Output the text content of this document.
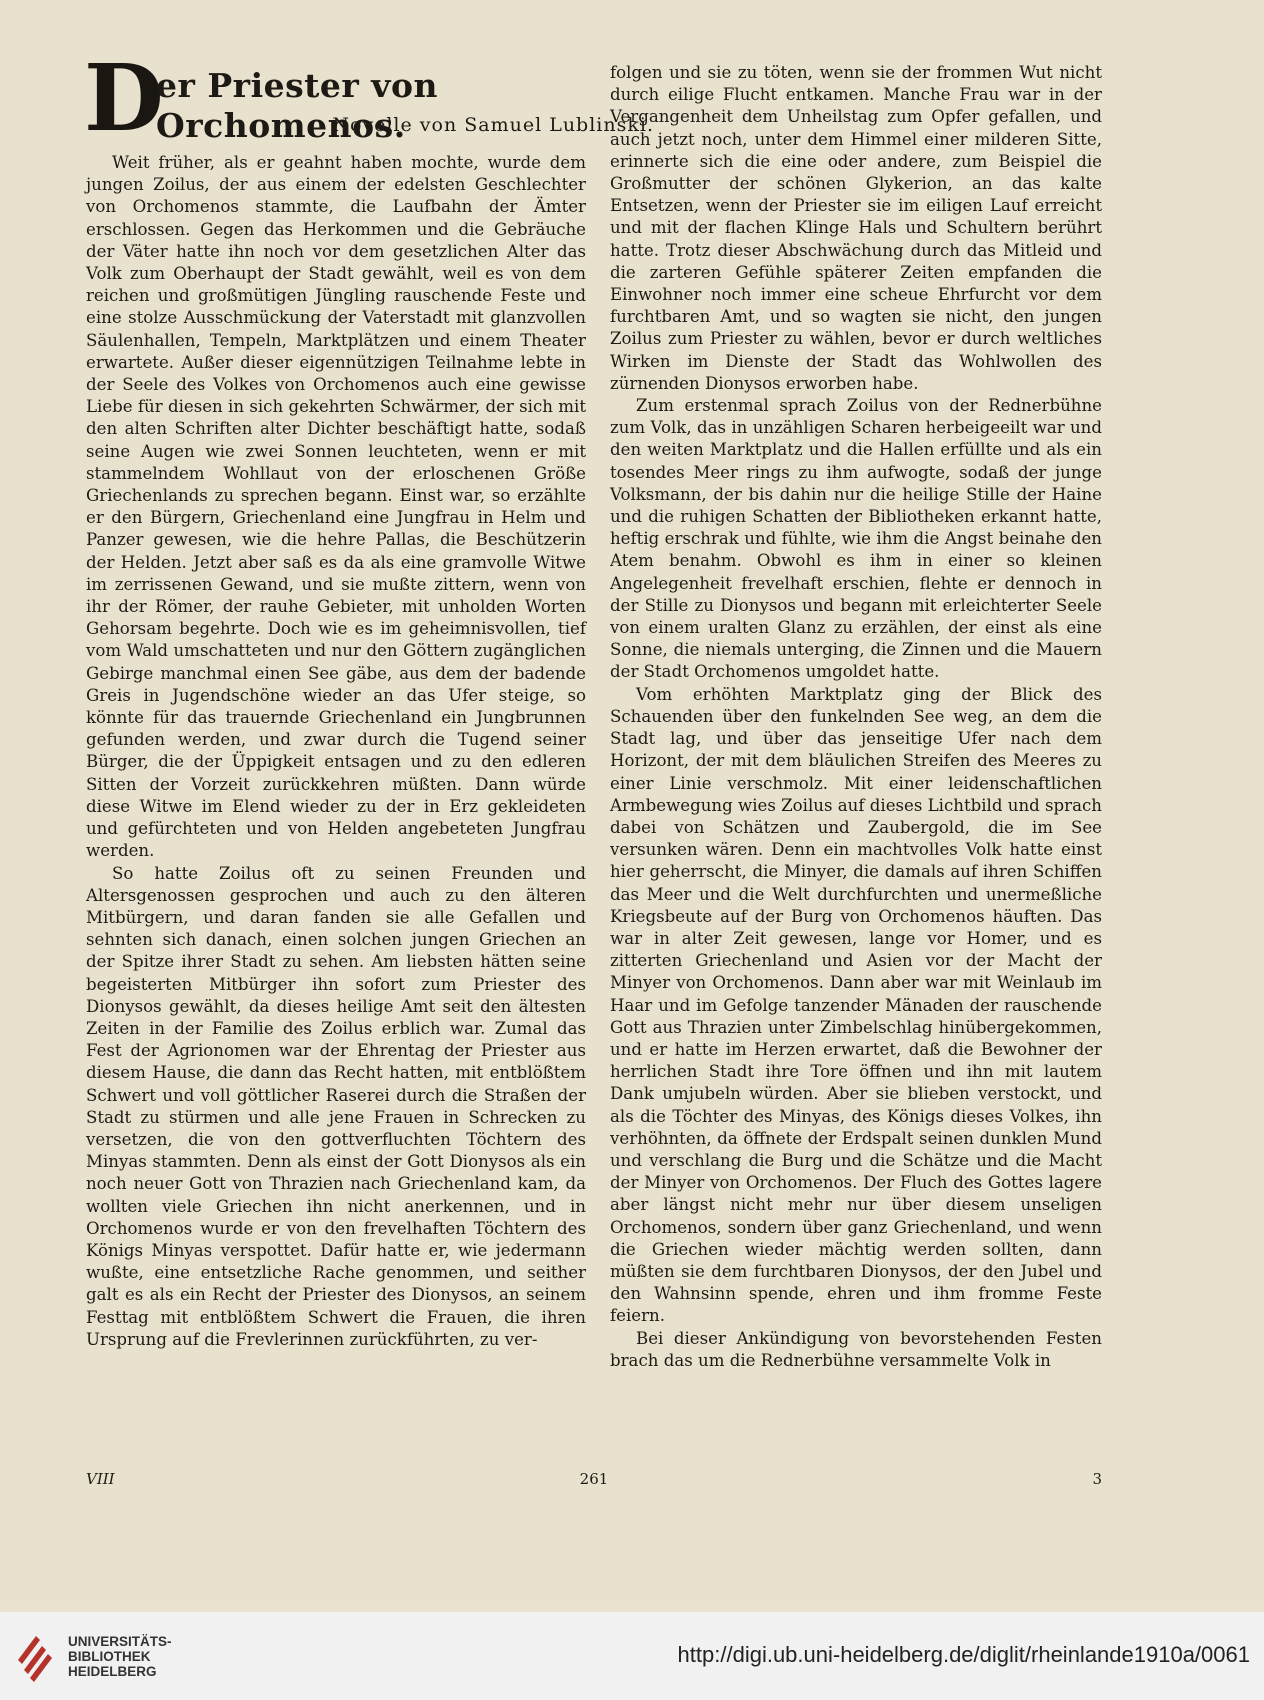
D
er Priester von Orchomenos.
Novelle von Samuel Lublinski.

Weit früher, als er geahnt haben mochte, wurde dem jungen Zoilus, der aus einem der edelsten Geschlechter von Orchomenos stammte, die Laufbahn der Ämter erschlossen. Gegen das Herkommen und die Gebräuche der Väter hatte ihn noch vor dem gesetzlichen Alter das Volk zum Oberhaupt der Stadt gewählt, weil es von dem reichen und großmütigen Jüngling rauschende Feste und eine stolze Ausschmückung der Vaterstadt mit glanzvollen Säulenhallen, Tempeln, Marktplätzen und einem Theater erwartete. Außer dieser eigennützigen Teilnahme lebte in der Seele des Volkes von Orchomenos auch eine gewisse Liebe für diesen in sich gekehrten Schwärmer, der sich mit den alten Schriften alter Dichter beschäftigt hatte, sodaß seine Augen wie zwei Sonnen leuchteten, wenn er mit stammelndem Wohllaut von der erloschenen Größe Griechenlands zu sprechen begann. Einst war, so erzählte er den Bürgern, Griechenland eine Jungfrau in Helm und Panzer gewesen, wie die hehre Pallas, die Beschützerin der Helden. Jetzt aber saß es da als eine gramvolle Witwe im zerrissenen Gewand, und sie mußte zittern, wenn von ihr der Römer, der rauhe Gebieter, mit unholden Worten Gehorsam begehrte. Doch wie es im geheimnisvollen, tief vom Wald umschatteten und nur den Göttern zugänglichen Gebirge manchmal einen See gäbe, aus dem der badende Greis in Jugendschöne wieder an das Ufer steige, so könnte für das trauernde Griechenland ein Jungbrunnen gefunden werden, und zwar durch die Tugend seiner Bürger, die der Üppigkeit entsagen und zu den edleren Sitten der Vorzeit zurückkehren müßten. Dann würde diese Witwe im Elend wieder zu der in Erz gekleideten und gefürchteten und von Helden angebeteten Jungfrau werden.

So hatte Zoilus oft zu seinen Freunden und Altersgenossen gesprochen und auch zu den älteren Mitbürgern, und daran fanden sie alle Gefallen und sehnten sich danach, einen solchen jungen Griechen an der Spitze ihrer Stadt zu sehen. Am liebsten hätten seine begeisterten Mitbürger ihn sofort zum Priester des Dionysos gewählt, da dieses heilige Amt seit den ältesten Zeiten in der Familie des Zoilus erblich war. Zumal das Fest der Agrionomen war der Ehrentag der Priester aus diesem Hause, die dann das Recht hatten, mit entblößtem Schwert und voll göttlicher Raserei durch die Straßen der Stadt zu stürmen und alle jene Frauen in Schrecken zu versetzen, die von den gottverfluchten Töchtern des Minyas stammten. Denn als einst der Gott Dionysos als ein noch neuer Gott von Thrazien nach Griechenland kam, da wollten viele Griechen ihn nicht anerkennen, und in Orchomenos wurde er von den frevelhaften Töchtern des Königs Minyas verspottet. Dafür hatte er, wie jedermann wußte, eine entsetzliche Rache genommen, und seither galt es als ein Recht der Priester des Dionysos, an seinem Festtag mit entblößtem Schwert die Frauen, die ihren Ursprung auf die Frevlerinnen zurückführten, zu ver-

folgen und sie zu töten, wenn sie der frommen Wut nicht durch eilige Flucht entkamen. Manche Frau war in der Vergangenheit dem Unheilstag zum Opfer gefallen, und auch jetzt noch, unter dem Himmel einer milderen Sitte, erinnerte sich die eine oder andere, zum Beispiel die Großmutter der schönen Glykerion, an das kalte Entsetzen, wenn der Priester sie im eiligen Lauf erreicht und mit der flachen Klinge Hals und Schultern berührt hatte. Trotz dieser Abschwächung durch das Mitleid und die zarteren Gefühle späterer Zeiten empfanden die Einwohner noch immer eine scheue Ehrfurcht vor dem furchtbaren Amt, und so wagten sie nicht, den jungen Zoilus zum Priester zu wählen, bevor er durch weltliches Wirken im Dienste der Stadt das Wohlwollen des zürnenden Dionysos erworben habe.

Zum erstenmal sprach Zoilus von der Rednerbühne zum Volk, das in unzähligen Scharen herbeigeeilt war und den weiten Marktplatz und die Hallen erfüllte und als ein tosendes Meer rings zu ihm aufwogte, sodaß der junge Volksmann, der bis dahin nur die heilige Stille der Haine und die ruhigen Schatten der Bibliotheken erkannt hatte, heftig erschrak und fühlte, wie ihm die Angst beinahe den Atem benahm. Obwohl es ihm in einer so kleinen Angelegenheit frevelhaft erschien, flehte er dennoch in der Stille zu Dionysos und begann mit erleichterter Seele von einem uralten Glanz zu erzählen, der einst als eine Sonne, die niemals unterging, die Zinnen und die Mauern der Stadt Orchomenos umgoldet hatte.

Vom erhöhten Marktplatz ging der Blick des Schauenden über den funkelnden See weg, an dem die Stadt lag, und über das jenseitige Ufer nach dem Horizont, der mit dem bläulichen Streifen des Meeres zu einer Linie verschmolz. Mit einer leidenschaftlichen Armbewegung wies Zoilus auf dieses Lichtbild und sprach dabei von Schätzen und Zaubergold, die im See versunken wären. Denn ein machtvolles Volk hatte einst hier geherrscht, die Minyer, die damals auf ihren Schiffen das Meer und die Welt durchfurchten und unermeßliche Kriegsbeute auf der Burg von Orchomenos häuften. Das war in alter Zeit gewesen, lange vor Homer, und es zitterten Griechenland und Asien vor der Macht der Minyer von Orchomenos. Dann aber war mit Weinlaub im Haar und im Gefolge tanzender Mänaden der rauschende Gott aus Thrazien unter Zimbelschlag hinübergekommen, und er hatte im Herzen erwartet, daß die Bewohner der herrlichen Stadt ihre Tore öffnen und ihn mit lautem Dank umjubeln würden. Aber sie blieben verstockt, und als die Töchter des Minyas, des Königs dieses Volkes, ihn verhöhnten, da öffnete der Erdspalt seinen dunklen Mund und verschlang die Burg und die Schätze und die Macht der Minyer von Orchomenos. Der Fluch des Gottes lagere aber längst nicht mehr nur über diesem unseligen Orchomenos, sondern über ganz Griechenland, und wenn die Griechen wieder mächtig werden sollten, dann müßten sie dem furchtbaren Dionysos, der den Jubel und den Wahnsinn spende, ehren und ihm fromme Feste feiern.

Bei dieser Ankündigung von bevorstehenden Festen brach das um die Rednerbühne versammelte Volk in

VIII	261	3
UNIVERSITÄTS-
BIBLIOTHEK
HEIDELBERG
http://digi.ub.uni-heidelberg.de/diglit/rheinlande1910a/0061
